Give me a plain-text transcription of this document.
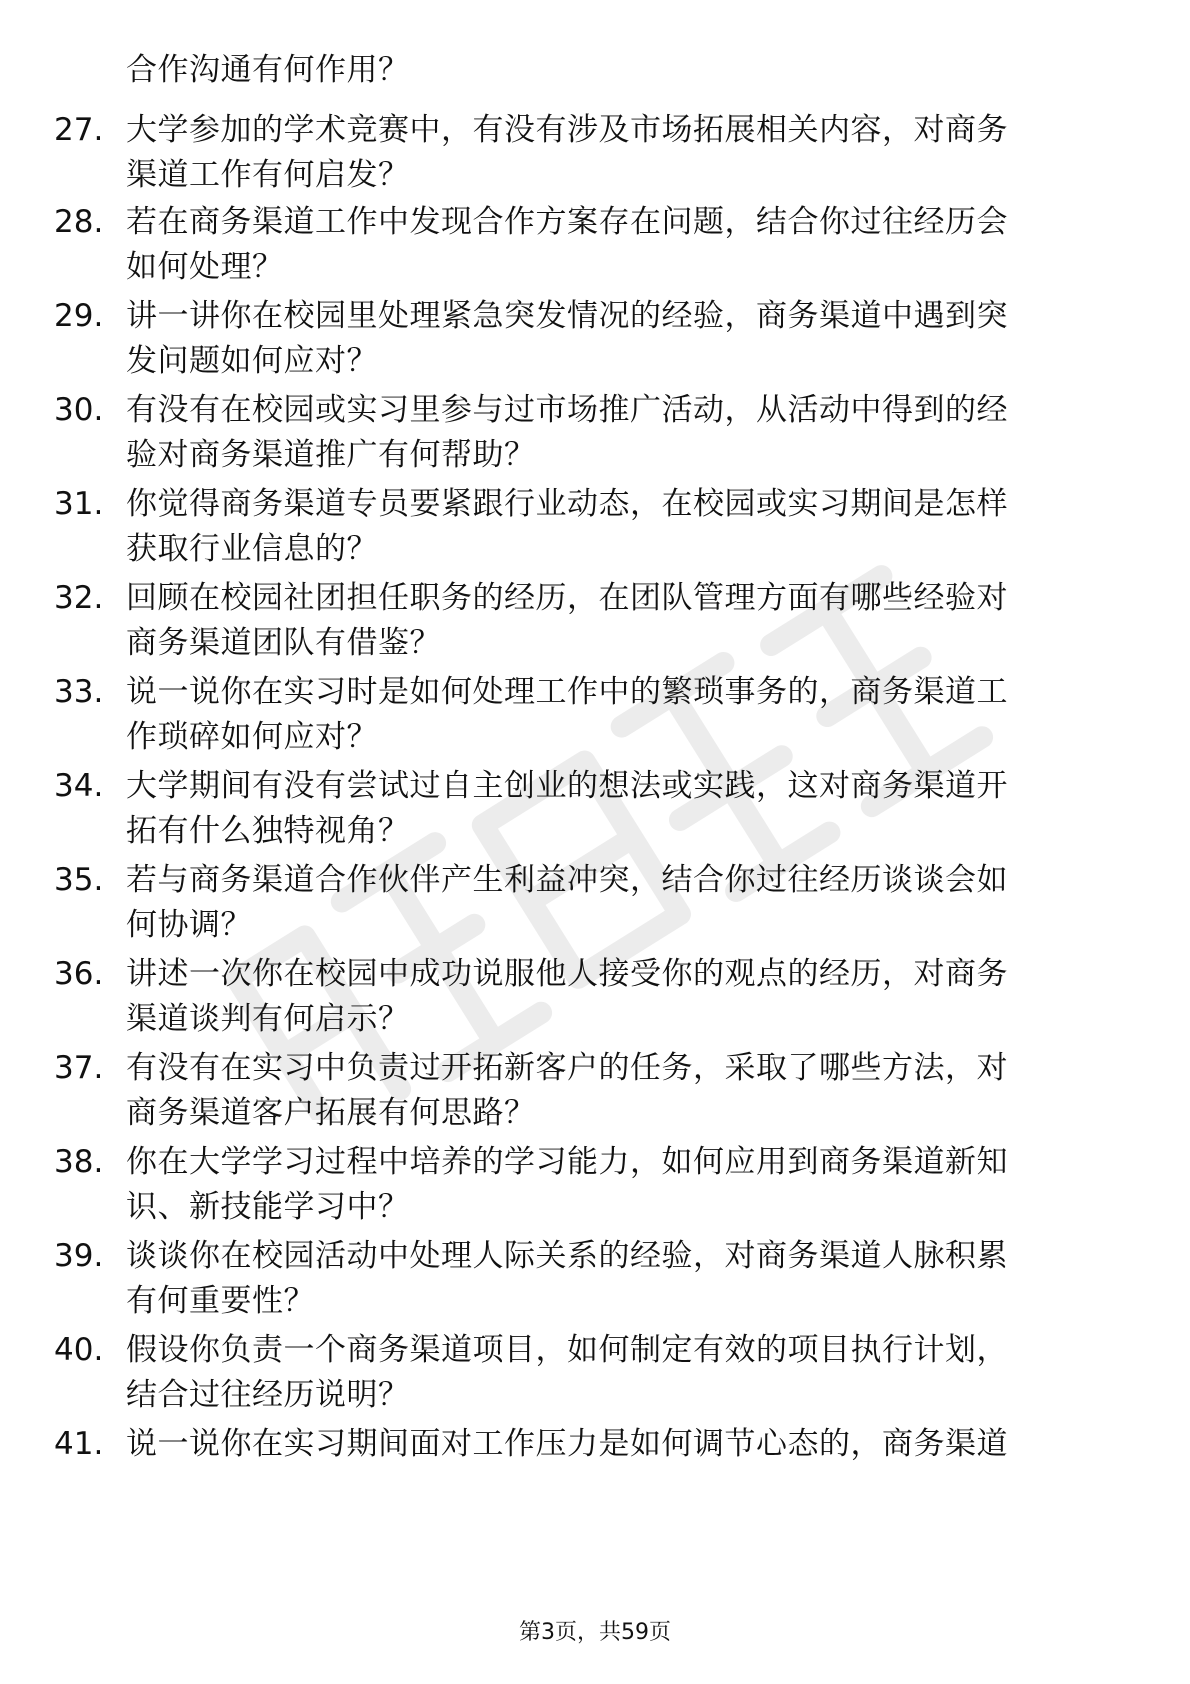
合作沟通有何作用？
27. 大学参加的学术竞赛中，有没有涉及市场拓展相关内容，对商务
渠道工作有何启发？
28. 若在商务渠道工作中发现合作方案存在问题，结合你过往经历会
如何处理？
29. 讲一讲你在校园里处理紧急突发情况的经验，商务渠道中遇到突
发问题如何应对？
30. 有没有在校园或实习里参与过市场推广活动，从活动中得到的经
验对商务渠道推广有何帮助？
31. 你觉得商务渠道专员要紧跟行业动态，在校园或实习期间是怎样
获取行业信息的？
32. 回顾在校园社团担任职务的经历，在团队管理方面有哪些经验对
商务渠道团队有借鉴？
33. 说一说你在实习时是如何处理工作中的繁琐事务的，商务渠道工
作琐碎如何应对？
34. 大学期间有没有尝试过自主创业的想法或实践，这对商务渠道开
拓有什么独特视角？
35. 若与商务渠道合作伙伴产生利益冲突，结合你过往经历谈谈会如
何协调？
36. 讲述一次你在校园中成功说服他人接受你的观点的经历，对商务
渠道谈判有何启示？
37. 有没有在实习中负责过开拓新客户的任务，采取了哪些方法，对
商务渠道客户拓展有何思路？
38. 你在大学学习过程中培养的学习能力，如何应用到商务渠道新知
识、新技能学习中？
39. 谈谈你在校园活动中处理人际关系的经验，对商务渠道人脉积累
有何重要性？
40. 假设你负责一个商务渠道项目，如何制定有效的项目执行计划，
结合过往经历说明？
41. 说一说你在实习期间面对工作压力是如何调节心态的，商务渠道
第3页，共59页
